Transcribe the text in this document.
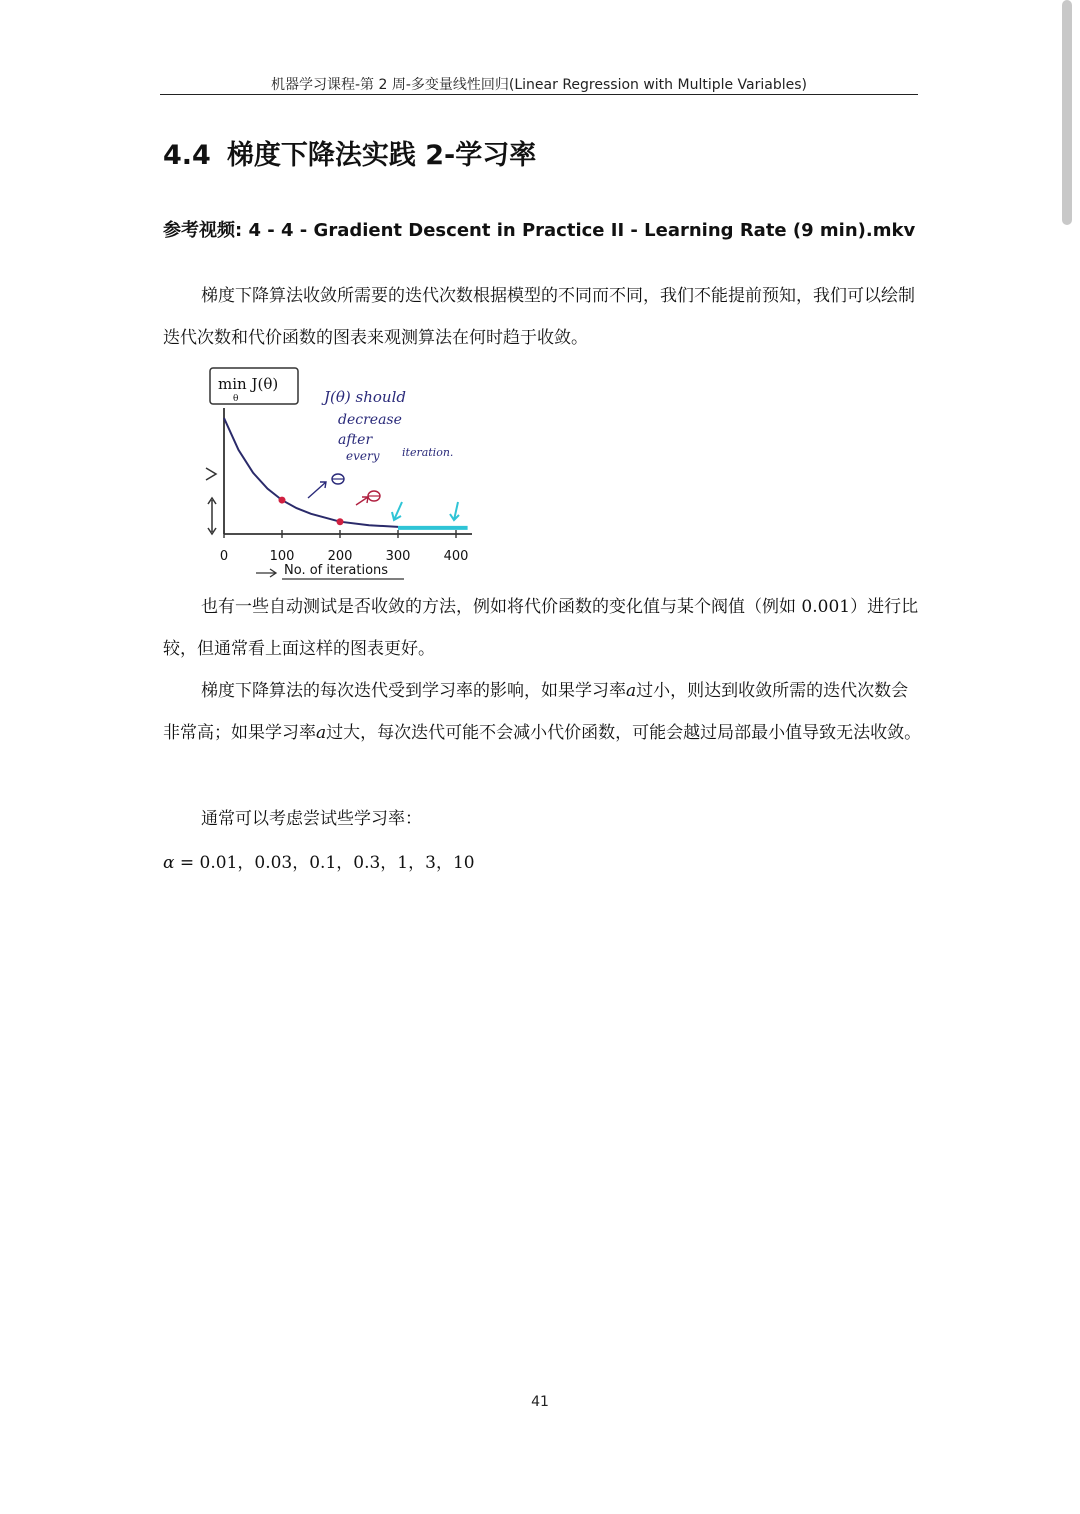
机器学习课程-第 2 周-多变量线性回归(Linear Regression with Multiple Variables)
4.4 梯度下降法实践 2-学习率

参考视频: 4 - 4 - Gradient Descent in Practice II - Learning Rate (9 min).mkv

梯度下降算法收敛所需要的迭代次数根据模型的不同而不同，我们不能提前预知，我们可以绘制迭代次数和代价函数的图表来观测算法在何时趋于收敛。

min J(θ)
θ	J(θ) should
decrease
after
every iteration.
0	100	200	300	400
No. of iterations

也有一些自动测试是否收敛的方法，例如将代价函数的变化值与某个阀值（例如 0.001）进行比较，但通常看上面这样的图表更好。

梯度下降算法的每次迭代受到学习率的影响，如果学习率a过小，则达到收敛所需的迭代次数会非常高；如果学习率a过大，每次迭代可能不会减小代价函数，可能会越过局部最小值导致无法收敛。

通常可以考虑尝试些学习率：

α = 0.01，0.03，0.1，0.3，1，3，10

41
